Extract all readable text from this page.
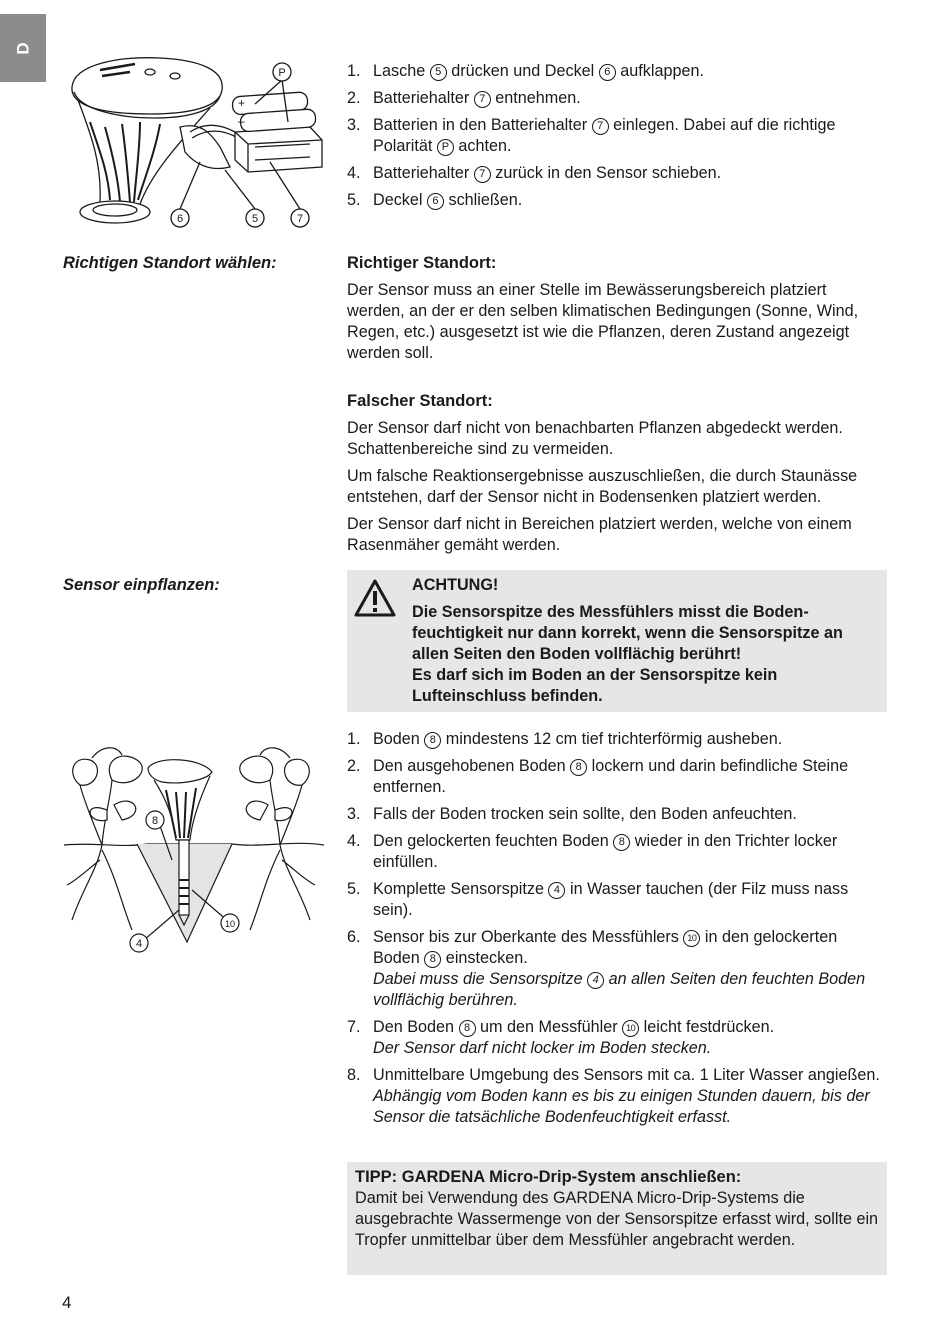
D
+
–
P
6	5	7
1. Lasche 5 drücken und Deckel 6 aufklappen.
2. Batteriehalter 7 entnehmen.
3. Batterien in den Batteriehalter 7 einlegen. Dabei auf die richtige Polarität P achten.
4. Batteriehalter 7 zurück in den Sensor schieben.
5. Deckel 6 schließen.
Richtigen Standort wählen:	Richtiger Standort:

Der Sensor muss an einer Stelle im Bewässerungsbereich platziert werden, an der er den selben klimatischen Bedingungen (Sonne, Wind, Regen, etc.) ausgesetzt ist wie die Pflanzen, deren Zustand angezeigt werden soll.

Falscher Standort:

Der Sensor darf nicht von benachbarten Pflanzen abgedeckt werden. Schattenbereiche sind zu vermeiden.

Um falsche Reaktionsergebnisse auszuschließen, die durch Staunässe entstehen, darf der Sensor nicht in Bodensenken platziert werden.

Der Sensor darf nicht in Bereichen platziert werden, welche von einem Rasenmäher gemäht werden.

Sensor einpflanzen:	ACHTUNG!
Die Sensorspitze des Messfühlers misst die Bodenfeuchtigkeit nur dann korrekt, wenn die Sensorspitze an allen Seiten den Boden vollflächig berührt!
Es darf sich im Boden an der Sensorspitze kein Lufteinschluss befinden.
8
10
4
1. Boden 8 mindestens 12 cm tief trichterförmig ausheben.
2. Den ausgehobenen Boden 8 lockern und darin befindliche Steine entfernen.
3. Falls der Boden trocken sein sollte, den Boden anfeuchten.
4. Den gelockerten feuchten Boden 8 wieder in den Trichter locker einfüllen.
5. Komplette Sensorspitze 4 in Wasser tauchen (der Filz muss nass sein).
6. Sensor bis zur Oberkante des Messfühlers 10 in den gelockerten Boden 8 einstecken.
Dabei muss die Sensorspitze 4 an allen Seiten den feuchten Boden vollflächig berühren.
7. Den Boden 8 um den Messfühler 10 leicht festdrücken.
Der Sensor darf nicht locker im Boden stecken.
8. Unmittelbare Umgebung des Sensors mit ca. 1 Liter Wasser angießen.
Abhängig vom Boden kann es bis zu einigen Stunden dauern, bis der Sensor die tatsächliche Bodenfeuchtigkeit erfasst.
TIPP: GARDENA Micro-Drip-System anschließen:
Damit bei Verwendung des GARDENA Micro-Drip-Systems die ausgebrachte Wassermenge von der Sensorspitze erfasst wird, sollte ein Tropfer unmittelbar über dem Messfühler angebracht werden.
4
